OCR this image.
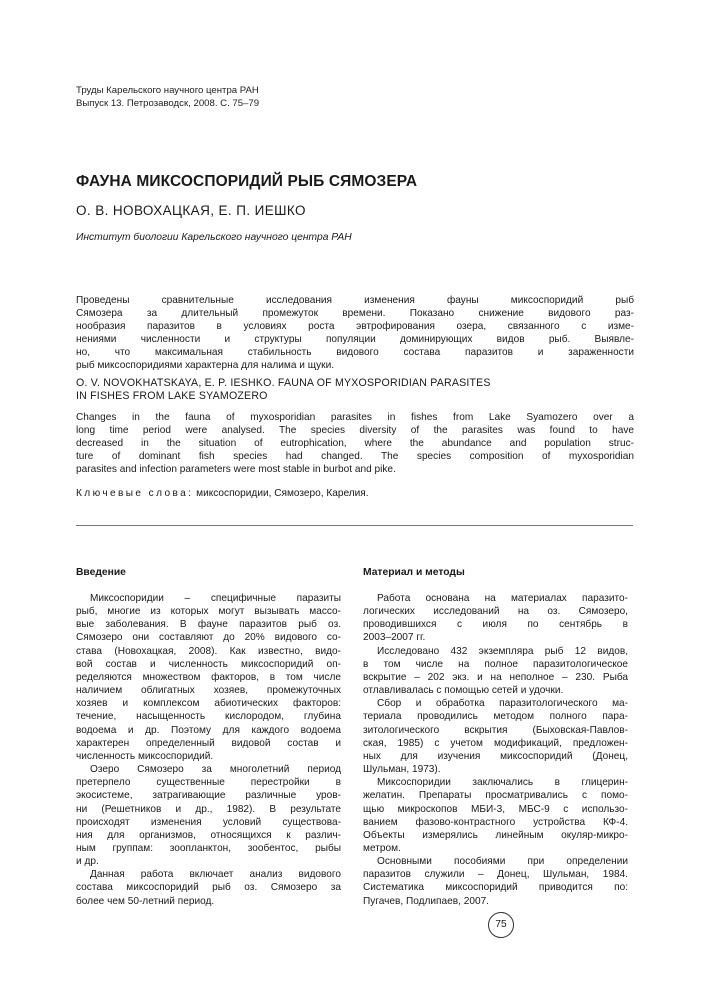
Труды Карельского научного центра РАН
Выпуск 13. Петрозаводск, 2008. С. 75–79
ФАУНА МИКСОСПОРИДИЙ РЫБ СЯМОЗЕРА
О. В. НОВОХАЦКАЯ, Е. П. ИЕШКО
Институт биологии Карельского научного центра РАН
Проведены сравнительные исследования изменения фауны миксоспоридий рыб
Сямозера за длительный промежуток времени. Показано снижение видового раз-
нообразия паразитов в условиях роста эвтрофирования озера, связанного с изме-
нениями численности и структуры популяции доминирующих видов рыб. Выявле-
но, что максимальная стабильность видового состава паразитов и зараженности
рыб миксоспоридиями характерна для налима и щуки.
O. V. NOVOKHATSKAYA, E. P. IESHKO. FAUNA OF MYXOSPORIDIAN PARASITES
IN FISHES FROM LAKE SYAMOZERO
Changes in the fauna of myxosporidian parasites in fishes from Lake Syamozero over a
long time period were analysed. The species diversity of the parasites was found to have
decreased in the situation of eutrophication, where the abundance and population struc-
ture of dominant fish species had changed. The species composition of myxosporidian
parasites and infection parameters were most stable in burbot and pike.
Ключевые слова: миксоспоридии, Сямозеро, Карелия.
Введение
Миксоспоридии – специфичные паразиты
рыб, многие из которых могут вызывать массо-
вые заболевания. В фауне паразитов рыб оз.
Сямозеро они составляют до 20% видового со-
става (Новохацкая, 2008). Как известно, видо-
вой состав и численность миксоспоридий оп-
ределяются множеством факторов, в том числе
наличием облигатных хозяев, промежуточных
хозяев и комплексом абиотических факторов:
течение, насыщенность кислородом, глубина
водоема и др. Поэтому для каждого водоема
характерен определенный видовой состав и
численность миксоспоридий.
Озеро Сямозеро за многолетний период
претерпело существенные перестройки в
экосистеме, затрагивающие различные уров-
ни (Решетников и др., 1982). В результате
происходят изменения условий существова-
ния для организмов, относящихся к различ-
ным группам: зоопланктон, зообентос, рыбы
и др.
Данная работа включает анализ видового
состава миксоспоридий рыб оз. Сямозеро за
более чем 50-летний период.
Материал и методы
Работа основана на материалах паразито-
логических исследований на оз. Сямозеро,
проводившихся с июля по сентябрь в
2003–2007 гг.
Исследовано 432 экземпляра рыб 12 видов,
в том числе на полное паразитологическое
вскрытие – 202 экз. и на неполное – 230. Рыба
отлавливалась с помощью сетей и удочки.
Сбор и обработка паразитологического ма-
териала проводились методом полного пара-
зитологического вскрытия (Быховская-Павлов-
ская, 1985) с учетом модификаций, предложен-
ных для изучения миксоспоридий (Донец,
Шульман, 1973).
Миксоспоридии заключались в глицерин-
желатин. Препараты просматривались с помо-
щью микроскопов МБИ-3, МБС-9 с использо-
ванием фазово-контрастного устройства КФ-4.
Объекты измерялись линейным окуляр-микро-
метром.
Основными пособиями при определении
паразитов служили – Донец, Шульман, 1984.
Систематика миксоспоридий приводится по:
Пугачев, Подлипаев, 2007.
75
